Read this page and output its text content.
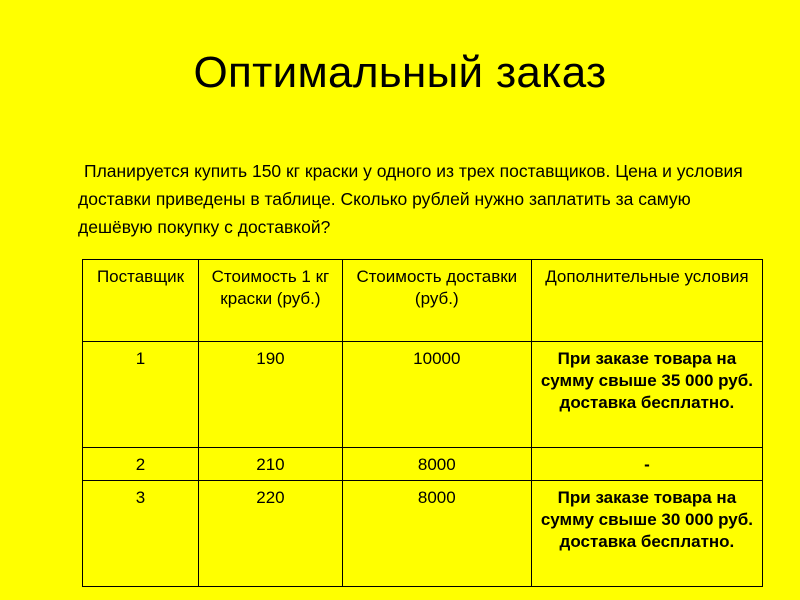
Оптимальный заказ

Планируется купить 150 кг краски у одного из трех поставщиков. Цена и условия доставки приведены в таблице. Сколько рублей нужно заплатить за самую дешёвую покупку с доставкой?

Поставщик	Стоимость 1 кг краски (руб.)	Стоимость доставки (руб.)	Дополнительные условия
1	190	10000	При заказе товара на сумму свыше 35 000 руб. доставка бесплатно.
2	210	8000	-
3	220	8000	При заказе товара на сумму свыше 30 000 руб. доставка бесплатно.
